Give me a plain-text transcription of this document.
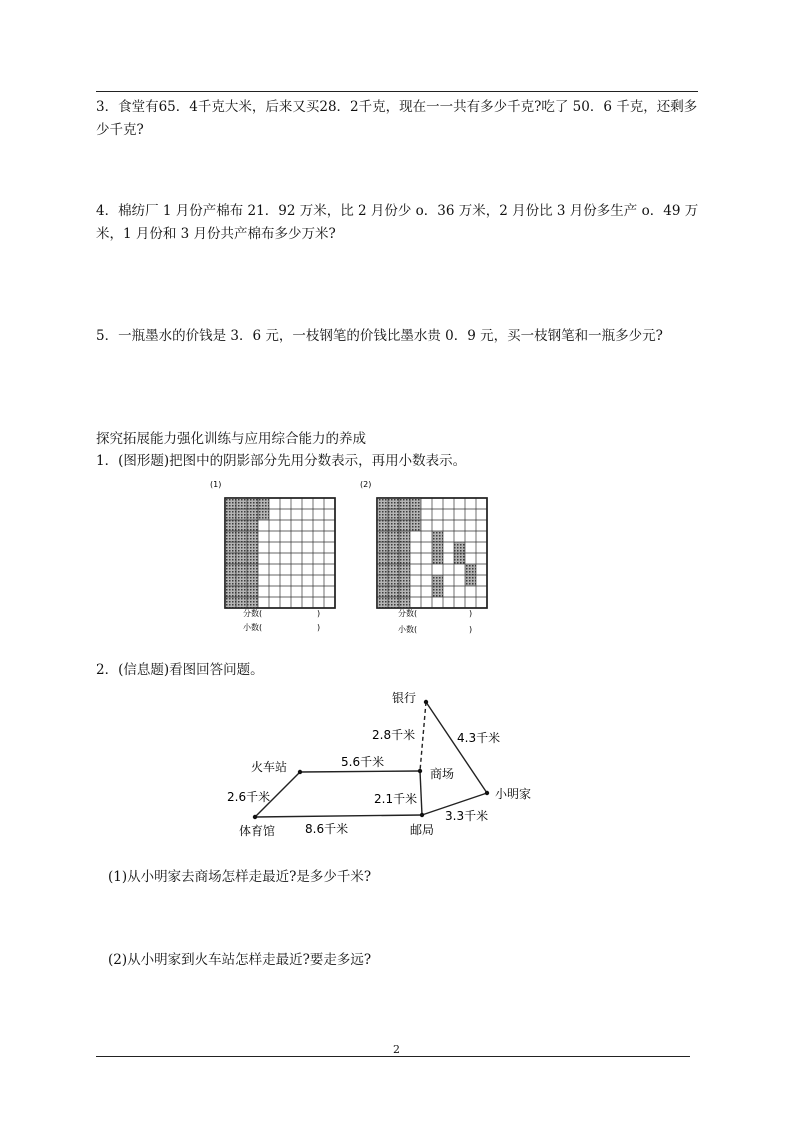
3．食堂有65．4千克大米，后来又买28．2千克，现在一一共有多少千克?吃了 50．6 千克，还剩多少千克?

4．棉纺厂 1 月份产棉布 21．92 万米，比 2 月份少 o．36 万米，2 月份比 3 月份多生产 o．49 万米，1 月份和 3 月份共产棉布多少万米?

5．一瓶墨水的价钱是 3．6 元，一枝钢笔的价钱比墨水贵 0．9 元，买一枝钢笔和一瓶多少元?

探究拓展能力强化训练与应用综合能力的养成

1．(图形题)把图中的阴影部分先用分数表示，再用小数表示。

(1)	(2)
分数(	)
小数(	)
分数(	)
小数(	)

2．(信息题)看图回答问题。

银行
火车站	商场
小明家
体育馆	邮局
2.8千米	4.3千米
5.6千米
2.6千米	2.1千米
8.6千米
3.3千米

(1)从小明家去商场怎样走最近?是多少千米?

(2)从小明家到火车站怎样走最近?要走多远?

2
